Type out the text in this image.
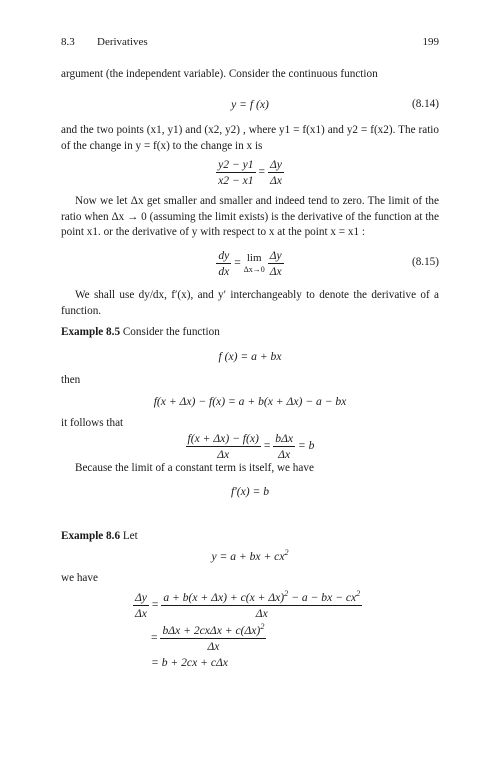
8.3 Derivatives	199
argument (the independent variable). Consider the continuous function
y = f (x)	(8.14)
and the two points (x1, y1) and (x2, y2) , where y1 = f(x1) and y2 = f(x2). The ratio of the change in y = f(x) to the change in x is
$\frac{y2 - y1}{x2 - x1} = \frac{\Delta y}{\Delta x}$
Now we let Δx get smaller and smaller and indeed tend to zero. The limit of the ratio when Δx → 0 (assuming the limit exists) is the derivative of the function at the point x1. or the derivative of y with respect to x at the point x = x1 :
$\frac{dy}{dx} = \lim$
Δx→0
$\frac{\Delta y}{\Delta x}$	(8.15)
We shall use dy/dx, f′(x), and y′ interchangeably to denote the derivative of a function.
Example 8.5 Consider the function
f (x) = a + bx
then
f(x + Δx) − f(x) = a + b(x + Δx) − a − bx
it follows that
$\frac{f(x + \Delta x) - f(x)}{\Delta x} = \frac{\text{bΔx}}{\Delta x} = b$
Because the limit of a constant term is itself, we have
f′(x) = b
Example 8.6 Let
y = a + bx + $cx^2$
we have
$\frac{\Delta y}{\Delta x} = \frac{a + b(x + \Delta x) + c(x + \Delta x)^2 - a - bx - cx^2}{\Delta x}$
= $\frac{b\Delta x + 2cx\Delta x + c(\Delta x)^2}{\Delta x}$
= b + 2cx + cΔx
